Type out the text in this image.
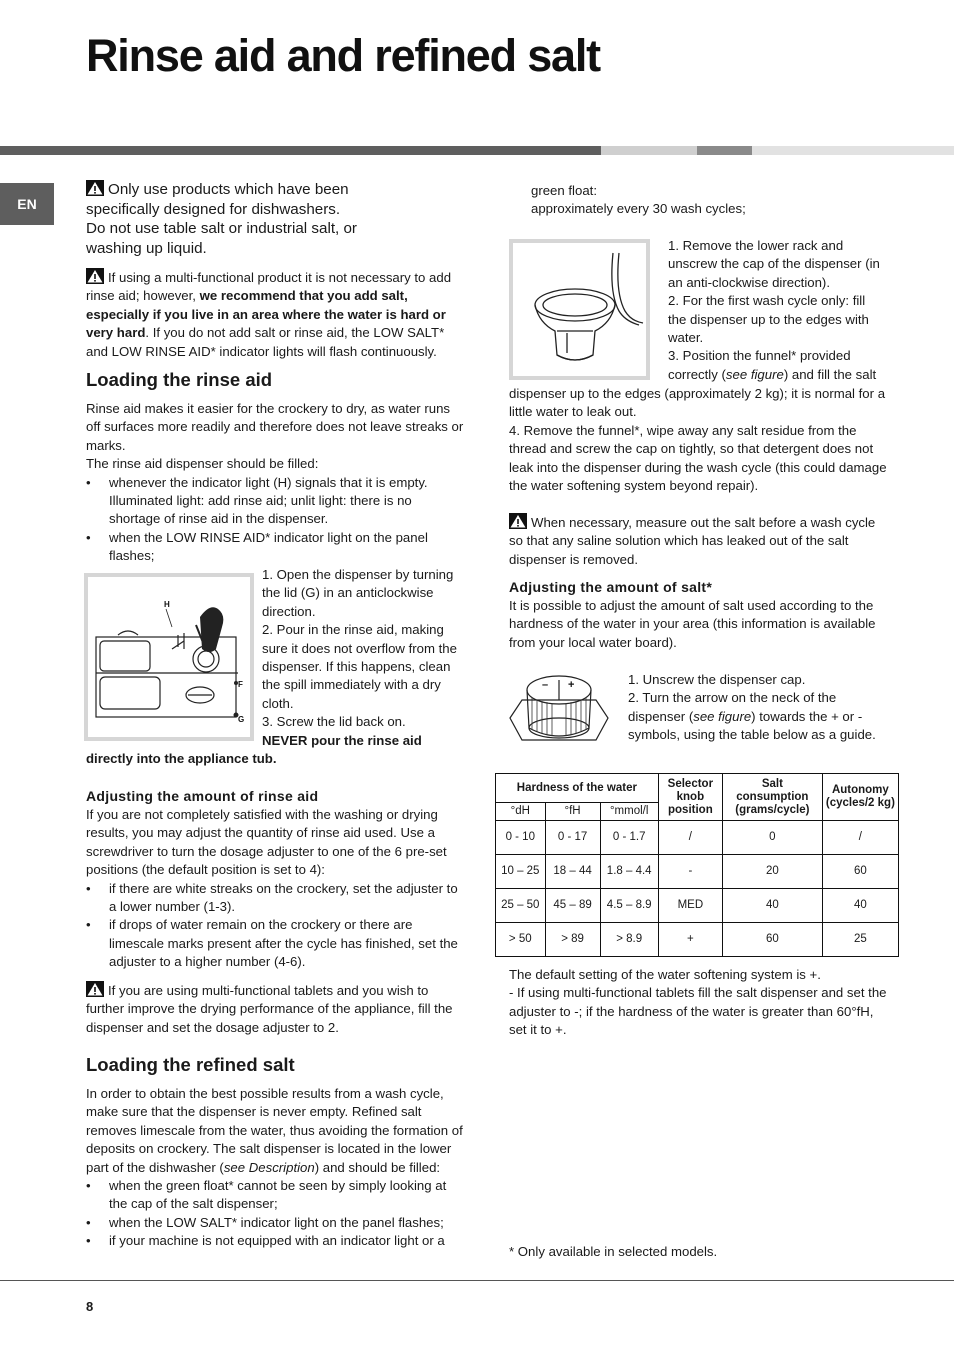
Rinse aid and refined salt
EN
Only use products which have been specifically designed for dishwashers.
Do not use table salt or industrial salt, or washing up liquid.
If using a multi-functional product it is not necessary to add rinse aid; however, we recommend that you add salt, especially if you live in an area where the water is hard or very hard. If you do not add salt or rinse aid, the LOW SALT* and LOW RINSE AID* indicator lights will flash continuously.
Loading the rinse aid

Rinse aid makes it easier for the crockery to dry, as water runs off surfaces more readily and therefore does not leave streaks or marks.

The rinse aid dispenser should be filled:

• whenever the indicator light (H) signals that it is empty. Illuminated light: add rinse aid; unlit light: there is no shortage of rinse aid in the dispenser.
• when the LOW RINSE AID* indicator light on the panel flashes;
H
F
G

1. Open the dispenser by turning the lid (G) in an anticlockwise direction.

2. Pour in the rinse aid, making sure it does not overflow from the dispenser. If this happens, clean the spill immediately with a dry cloth.

3. Screw the lid back on.

NEVER pour the rinse aid

directly into the appliance tub.
Adjusting the amount of rinse aid

If you are not completely satisfied with the washing or drying results, you may adjust the quantity of rinse aid used. Use a screwdriver to turn the dosage adjuster to one of the 6 pre-set positions (the default position is set to 4):

• if there are white streaks on the crockery, set the adjuster to a lower number (1-3).
• if drops of water remain on the crockery or there are limescale marks present after the cycle has finished, set the adjuster to a higher number (4-6).
If you are using multi-functional tablets and you wish to further improve the drying performance of the appliance, fill the dispenser and set the dosage adjuster to 2.
Loading the refined salt

In order to obtain the best possible results from a wash cycle, make sure that the dispenser is never empty. Refined salt removes limescale from the water, thus avoiding the formation of deposits on crockery. The salt dispenser is located in the lower part of the dishwasher (see Description) and should be filled:

• when the green float* cannot be seen by simply looking at the cap of the salt dispenser;
• when the LOW SALT* indicator light on the panel flashes;
• if your machine is not equipped with an indicator light or a

green float:

approximately every 30 wash cycles;

1. Remove the lower rack and unscrew the cap of the dispenser (in an anti-clockwise direction).

2. For the first wash cycle only: fill the dispenser up to the edges with water.

3. Position the funnel* provided correctly (see figure) and fill the salt

dispenser up to the edges (approximately 2 kg); it is normal for a little water to leak out.

4. Remove the funnel*, wipe away any salt residue from the thread and screw the cap on tightly, so that detergent does not leak into the dispenser during the wash cycle (this could damage the water softening system beyond repair).

When necessary, measure out the salt before a wash cycle so that any saline solution which has leaked out of the salt dispenser is removed.
Adjusting the amount of salt*
It is possible to adjust the amount of salt used according to the hardness of the water in your area (this information is available from your local water board).
– +	1. Unscrew the dispenser cap.

2. Turn the arrow on the neck of the dispenser (see figure) towards the + or - symbols, using the table below as a guide.

Hardness of the water			Selector knob position	Salt consumption (grams/cycle)	Autonomy (cycles/2 kg)
°dH	°fH	°mmol/l			
0 - 10	0 - 17	0 - 1.7	/	0	/
10 – 25	18 – 44	1.8 – 4.4	-	20	60
25 – 50	45 – 89	4.5 – 8.9	MED	40	40
> 50	> 89	> 8.9	+	60	25

The default setting of the water softening system is +.

- If using multi-functional tablets fill the salt dispenser and set the adjuster to -; if the hardness of the water is greater than 60°fH, set it to +.

* Only available in selected models.
8
